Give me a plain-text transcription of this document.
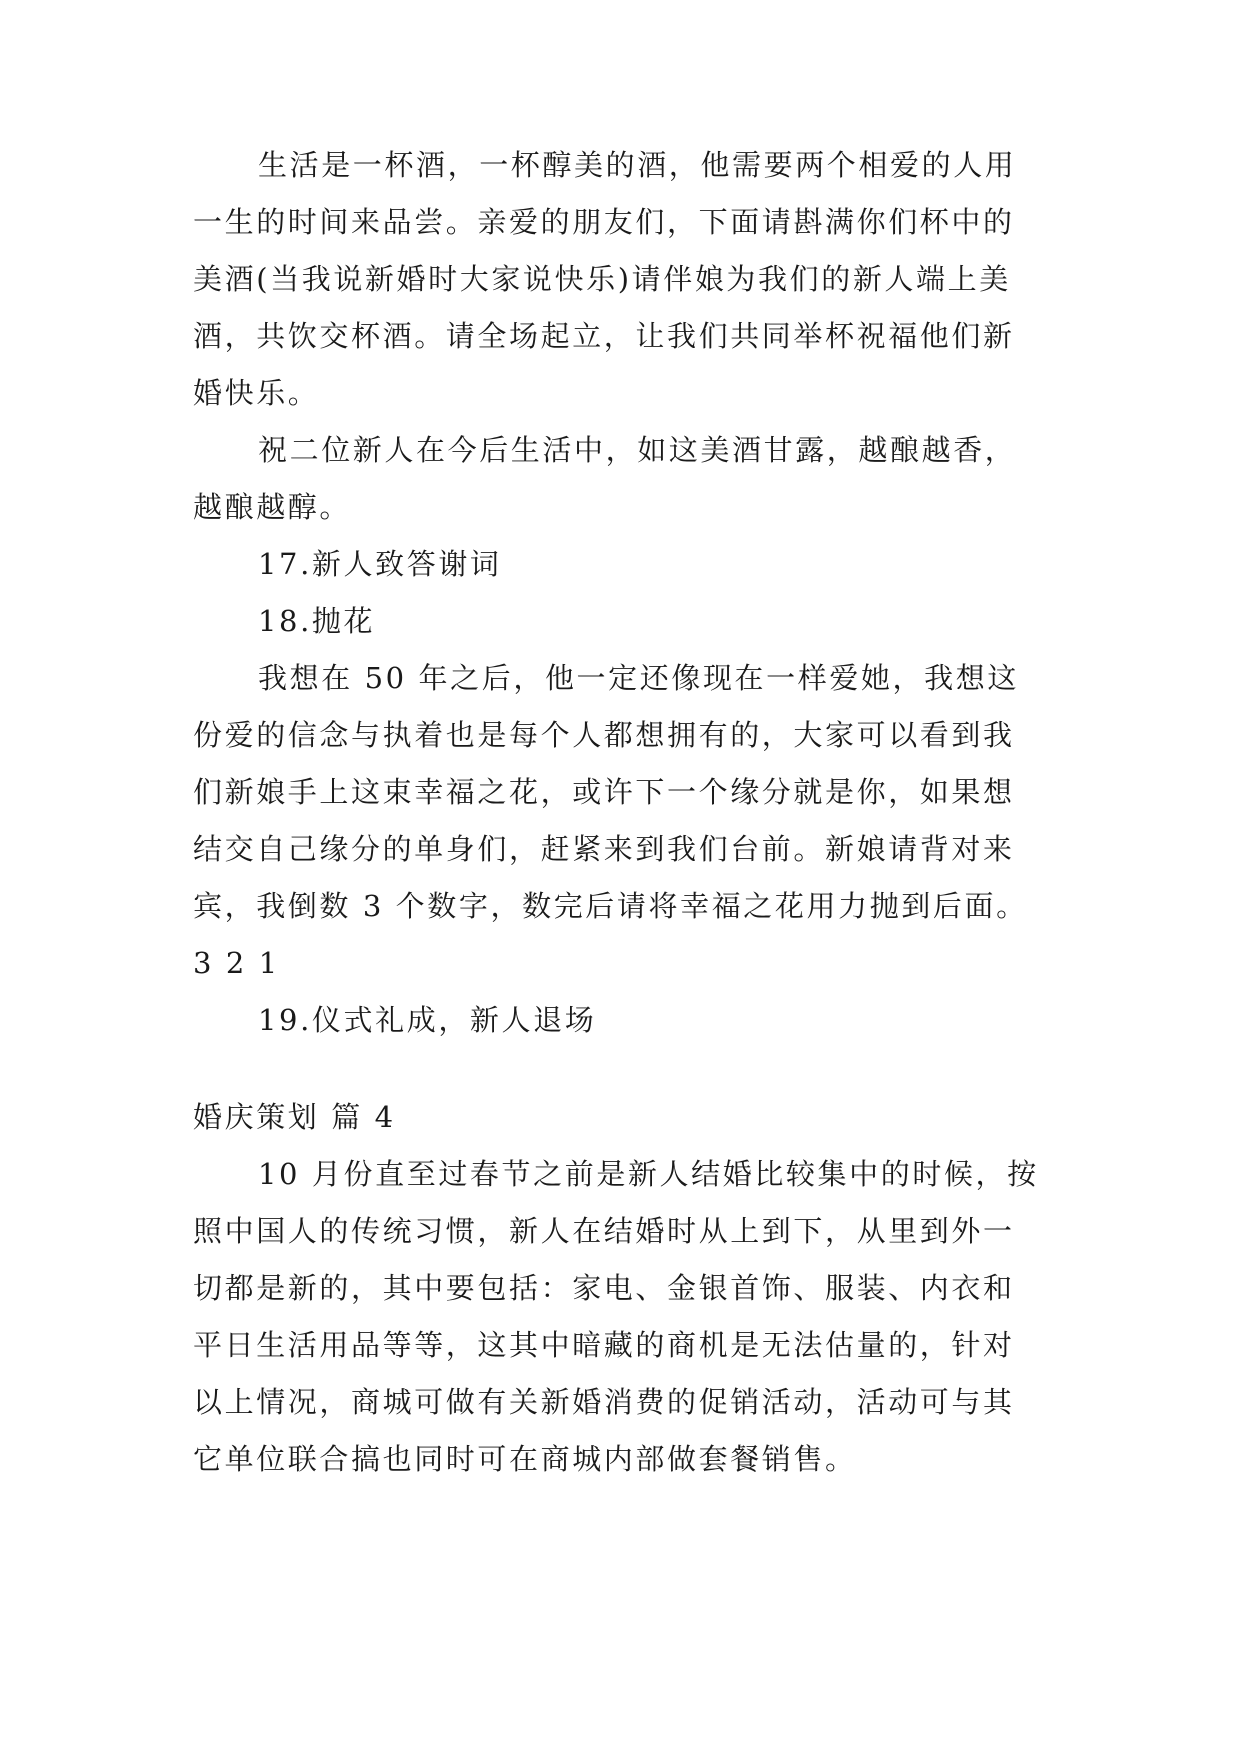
生活是一杯酒，一杯醇美的酒，他需要两个相爱的人用
一生的时间来品尝。亲爱的朋友们，下面请斟满你们杯中的
美酒(当我说新婚时大家说快乐)请伴娘为我们的新人端上美
酒，共饮交杯酒。请全场起立，让我们共同举杯祝福他们新
婚快乐。
祝二位新人在今后生活中，如这美酒甘露，越酿越香，
越酿越醇。
17.新人致答谢词
18.抛花
我想在 50 年之后，他一定还像现在一样爱她，我想这
份爱的信念与执着也是每个人都想拥有的，大家可以看到我
们新娘手上这束幸福之花，或许下一个缘分就是你，如果想
结交自己缘分的单身们，赶紧来到我们台前。新娘请背对来
宾，我倒数 3 个数字，数完后请将幸福之花用力抛到后面。
3 2 1
19.仪式礼成，新人退场
婚庆策划 篇 4
10 月份直至过春节之前是新人结婚比较集中的时候，按
照中国人的传统习惯，新人在结婚时从上到下，从里到外一
切都是新的，其中要包括：家电、金银首饰、服装、内衣和
平日生活用品等等，这其中暗藏的商机是无法估量的，针对
以上情况，商城可做有关新婚消费的促销活动，活动可与其
它单位联合搞也同时可在商城内部做套餐销售。
